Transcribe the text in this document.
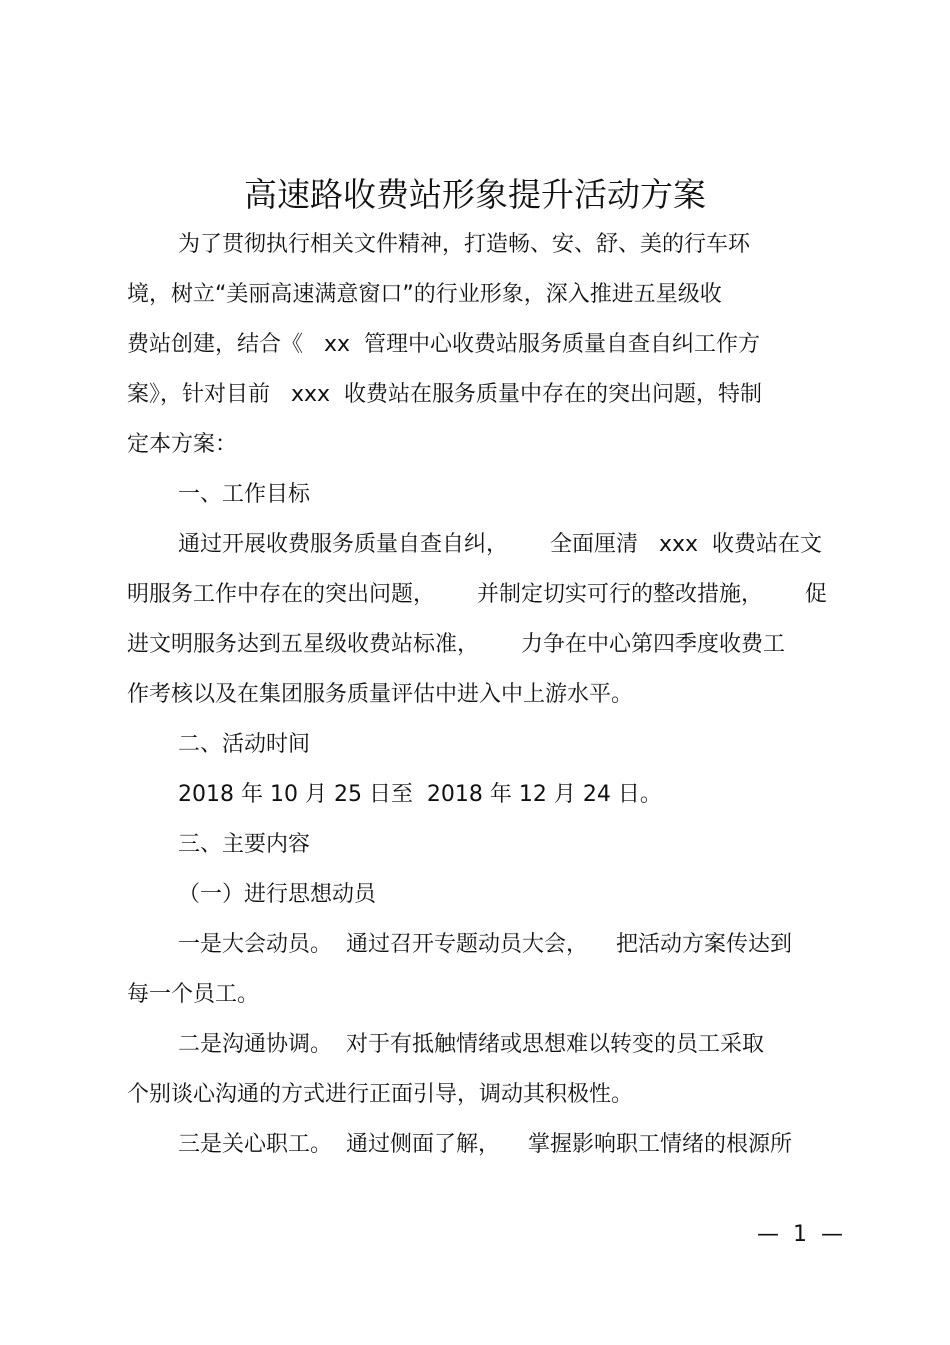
高速路收费站形象提升活动方案
为了贯彻执行相关文件精神，打造畅、安、舒、美的行车环
境，树立“美丽高速满意窗口”的行业形象，深入推进五星级收
费站创建，结合《   xx  管理中心收费站服务质量自查自纠工作方
案》，针对目前   xxx  收费站在服务质量中存在的突出问题，特制
定本方案：
一、工作目标
通过开展收费服务质量自查自纠，      全面厘清   xxx  收费站在文
明服务工作中存在的突出问题，      并制定切实可行的整改措施，      促
进文明服务达到五星级收费站标准，      力争在中心第四季度收费工
作考核以及在集团服务质量评估中进入中上游水平。
二、活动时间
2018 年 10 月 25 日至  2018 年 12 月 24 日。
三、主要内容
（一）进行思想动员
一是大会动员。  通过召开专题动员大会，    把活动方案传达到
每一个员工。
二是沟通协调。  对于有抵触情绪或思想难以转变的员工采取
个别谈心沟通的方式进行正面引导，调动其积极性。
三是关心职工。  通过侧面了解，    掌握影响职工情绪的根源所
—  1  —
